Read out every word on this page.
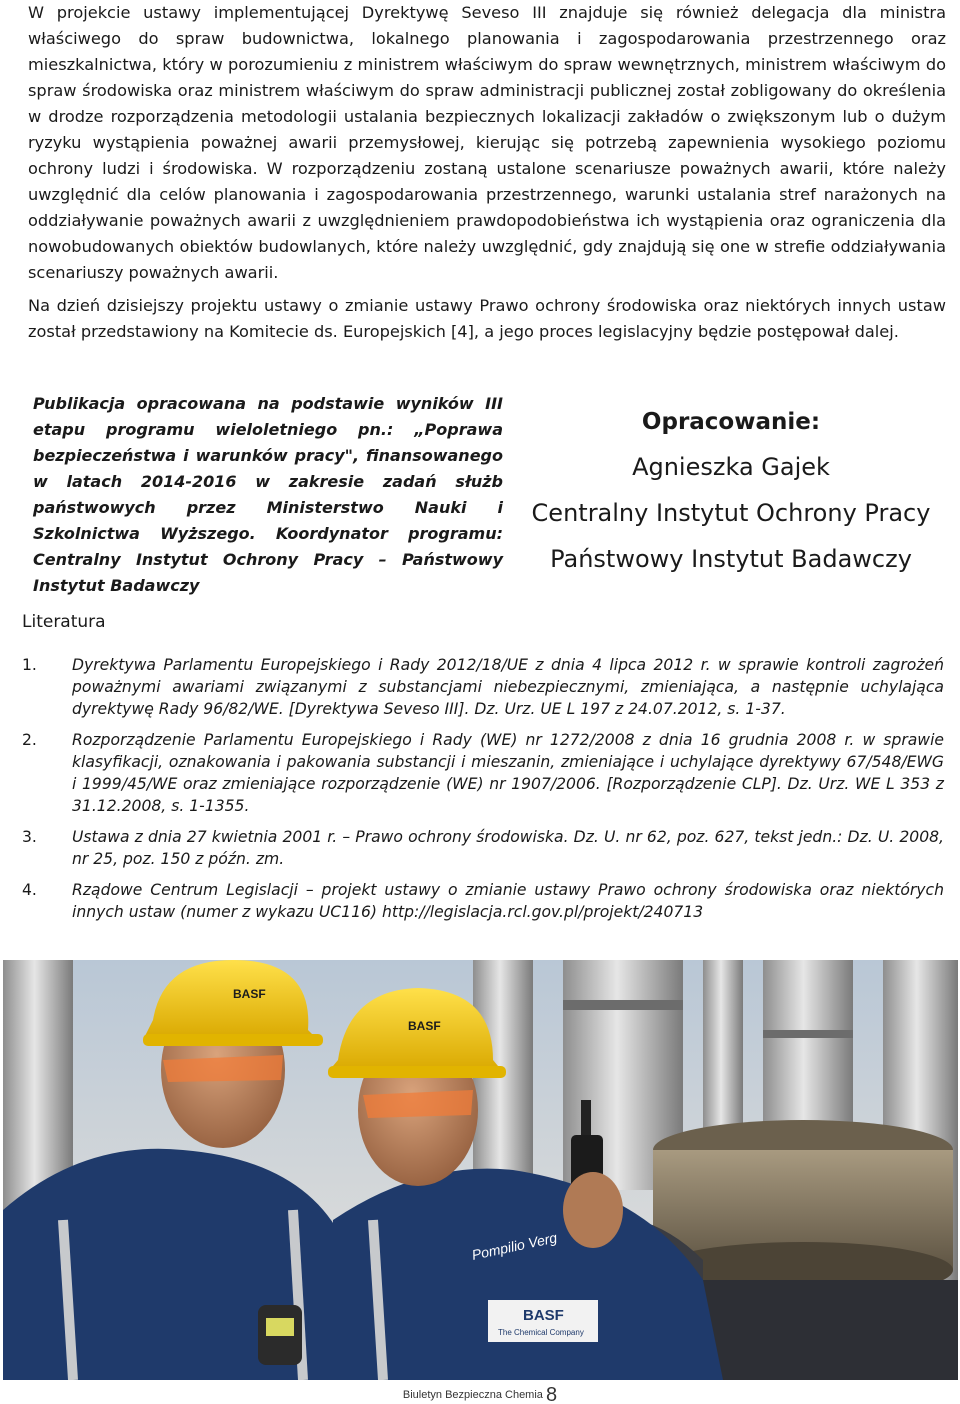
W projekcie ustawy implementującej Dyrektywę Seveso III znajduje się również delegacja dla ministra właściwego do spraw budownictwa, lokalnego planowania i zagospodarowania przestrzennego oraz mieszkalnictwa, który w porozumieniu z ministrem właściwym do spraw wewnętrznych, ministrem właściwym do spraw środowiska oraz ministrem właściwym do spraw administracji publicznej został zobligowany do określenia w drodze rozporządzenia metodologii ustalania bezpiecznych lokalizacji zakładów o zwiększonym lub o dużym ryzyku wystąpienia poważnej awarii przemysłowej, kierując się potrzebą zapewnienia wysokiego poziomu ochrony ludzi i środowiska. W rozporządzeniu zostaną ustalone scenariusze poważnych awarii, które należy uwzględnić dla celów planowania i zagospodarowania przestrzennego, warunki ustalania stref narażonych na oddziaływanie poważnych awarii z uwzględnieniem prawdopodobieństwa ich wystąpienia oraz ograniczenia dla nowobudowanych obiektów budowlanych, które należy uwzględnić, gdy znajdują się one w strefie oddziaływania scenariuszy poważnych awarii.

Na dzień dzisiejszy projektu ustawy o zmianie ustawy Prawo ochrony środowiska oraz niektórych innych ustaw został przedstawiony na Komitecie ds. Europejskich [4], a jego proces legislacyjny będzie postępował dalej.

Publikacja opracowana na podstawie wyników III etapu programu wieloletniego pn.: „Poprawa bezpieczeństwa i warunków pracy", finansowanego w latach 2014-2016 w zakresie zadań służb państwowych przez Ministerstwo Nauki i Szkolnictwa Wyższego. Koordynator programu: Centralny Instytut Ochrony Pracy – Państwowy Instytut Badawczy

Opracowanie:
Agnieszka Gajek
Centralny Instytut Ochrony Pracy
Państwowy Instytut Badawczy
Literatura
1. Dyrektywa Parlamentu Europejskiego i Rady 2012/18/UE z dnia 4 lipca 2012 r. w sprawie kontroli zagrożeń poważnymi awariami związanymi z substancjami niebezpiecznymi, zmieniająca, a następnie uchylająca dyrektywę Rady 96/82/WE. [Dyrektywa Seveso III]. Dz. Urz. UE L 197 z 24.07.2012, s. 1-37.
2. Rozporządzenie Parlamentu Europejskiego i Rady (WE) nr 1272/2008 z dnia 16 grudnia 2008 r. w sprawie klasyfikacji, oznakowania i pakowania substancji i mieszanin, zmieniające i uchylające dyrektywy 67/548/EWG i 1999/45/WE oraz zmieniające rozporządzenie (WE) nr 1907/2006. [Rozporządzenie CLP]. Dz. Urz. WE L 353 z 31.12.2008, s. 1-1355.
3. Ustawa z dnia 27 kwietnia 2001 r. – Prawo ochrony środowiska. Dz. U. nr 62, poz. 627, tekst jedn.: Dz. U. 2008, nr 25, poz. 150 z późn. zm.
4. Rządowe Centrum Legislacji – projekt ustawy o zmianie ustawy Prawo ochrony środowiska oraz niektórych innych ustaw (numer z wykazu UC116) http://legislacja.rcl.gov.pl/projekt/240713
BASF
BASF
Pompilio Verg
BASF
The Chemical Company
Biuletyn Bezpieczna Chemia 8
